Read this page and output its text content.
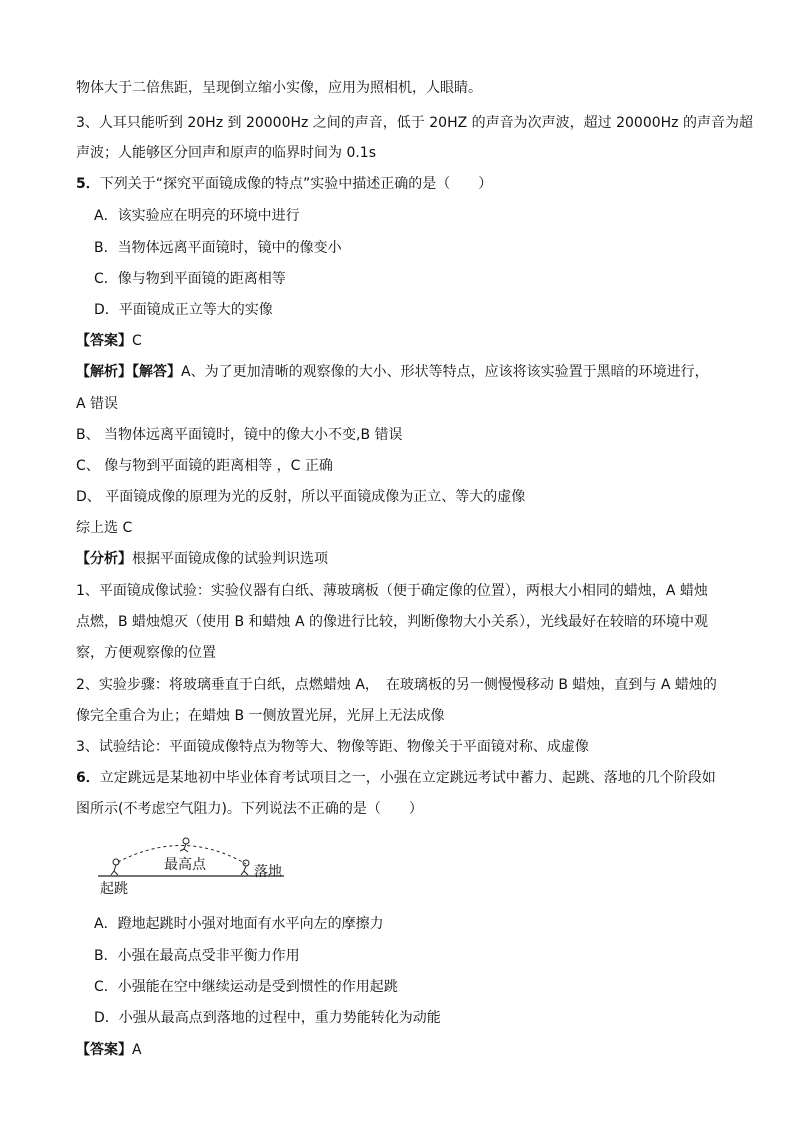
物体大于二倍焦距，呈现倒立缩小实像，应用为照相机，人眼睛。
3、人耳只能听到 20Hz 到 20000Hz 之间的声音，低于 20HZ 的声音为次声波，超过 20000Hz 的声音为超
声波；人能够区分回声和原声的临界时间为 0.1s
5．下列关于“探究平面镜成像的特点”实验中描述正确的是（　　）
A．该实验应在明亮的环境中进行
B．当物体远离平面镜时，镜中的像变小
C．像与物到平面镜的距离相等
D．平面镜成正立等大的实像
【答案】C
【解析】【解答】A、为了更加清晰的观察像的大小、形状等特点，应该将该实验置于黑暗的环境进行，
A 错误
B、 当物体远离平面镜时，镜中的像大小不变,B 错误
C、 像与物到平面镜的距离相等 ，C 正确
D、 平面镜成像的原理为光的反射，所以平面镜成像为正立、等大的虚像
综上选 C
【分析】根据平面镜成像的试验判识选项
1、平面镜成像试验：实验仪器有白纸、薄玻璃板（便于确定像的位置），两根大小相同的蜡烛，A 蜡烛
点燃，B 蜡烛熄灭（使用 B 和蜡烛 A 的像进行比较，判断像物大小关系），光线最好在较暗的环境中观
察，方便观察像的位置
2、实验步骤：将玻璃垂直于白纸，点燃蜡烛 A，　在玻璃板的另一侧慢慢移动 B 蜡烛，直到与 A 蜡烛的
像完全重合为止；在蜡烛 B 一侧放置光屏，光屏上无法成像
3、试验结论：平面镜成像特点为物等大、物像等距、物像关于平面镜对称、成虚像
6．立定跳远是某地初中毕业体育考试项目之一，小强在立定跳远考试中蓄力、起跳、落地的几个阶段如
图所示(不考虑空气阻力)。下列说法不正确的是（　　）
最高点	落地
起跳
A．蹬地起跳时小强对地面有水平向左的摩擦力
B．小强在最高点受非平衡力作用
C．小强能在空中继续运动是受到惯性的作用起跳
D．小强从最高点到落地的过程中，重力势能转化为动能
【答案】A
